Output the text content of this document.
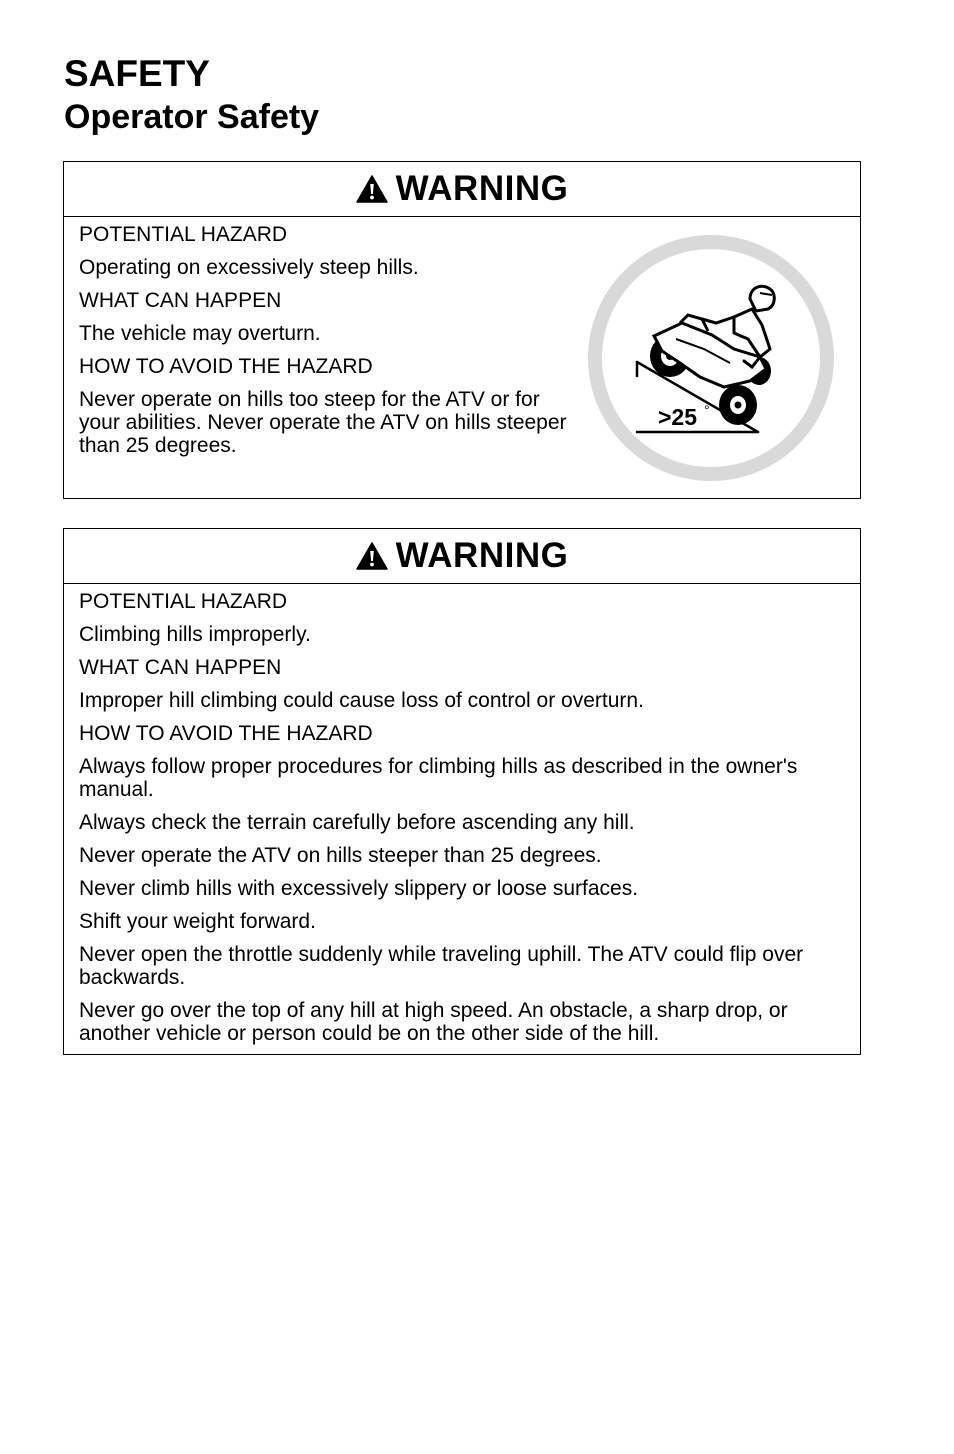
SAFETY
Operator Safety
WARNING

POTENTIAL HAZARD

Operating on excessively steep hills.

WHAT CAN HAPPEN

The vehicle may overturn.

HOW TO AVOID THE HAZARD

Never operate on hills too steep for the ATV or for your abilities. Never operate the ATV on hills steeper than 25 degrees.

>25 °
WARNING

POTENTIAL HAZARD

Climbing hills improperly.

WHAT CAN HAPPEN

Improper hill climbing could cause loss of control or overturn.

HOW TO AVOID THE HAZARD

Always follow proper procedures for climbing hills as described in the owner's manual.

Always check the terrain carefully before ascending any hill.

Never operate the ATV on hills steeper than 25 degrees.

Never climb hills with excessively slippery or loose surfaces.

Shift your weight forward.

Never open the throttle suddenly while traveling uphill. The ATV could flip over backwards.

Never go over the top of any hill at high speed. An obstacle, a sharp drop, or another vehicle or person could be on the other side of the hill.
